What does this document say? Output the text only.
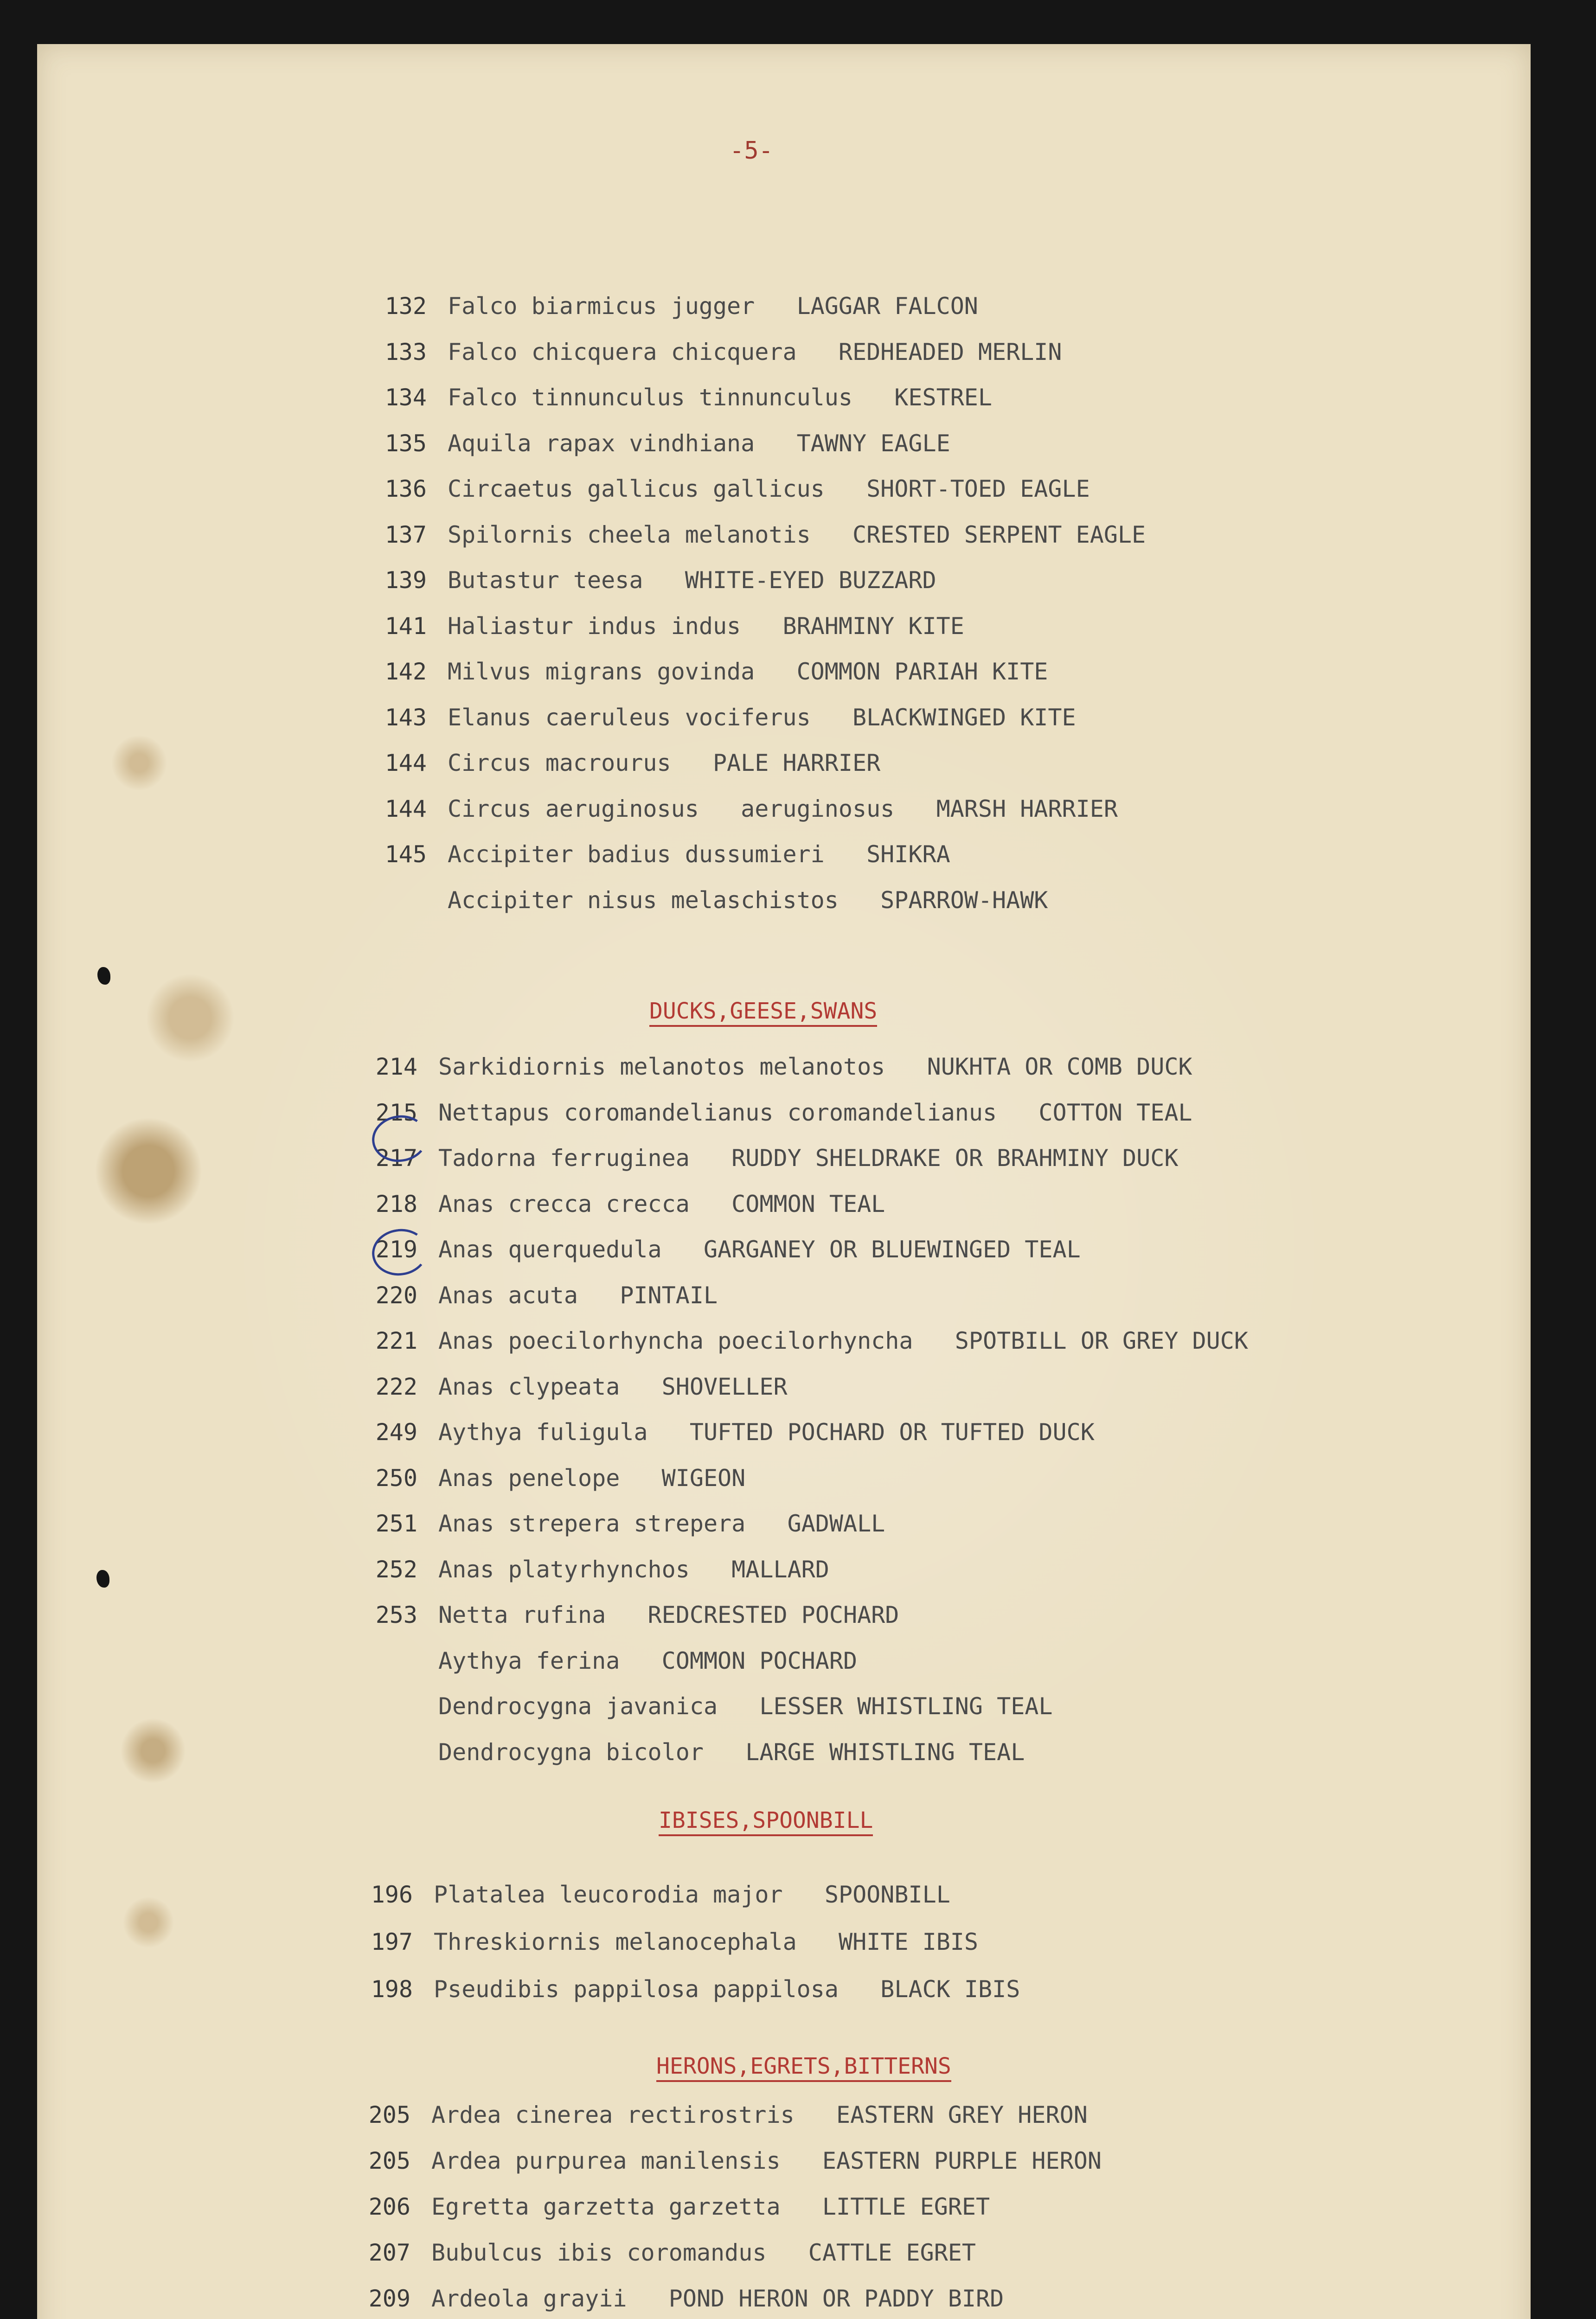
-5-
132 Falco biarmicus jugger   LAGGAR FALCON
133 Falco chicquera chicquera   REDHEADED MERLIN
134 Falco tinnunculus tinnunculus   KESTREL
135 Aquila rapax vindhiana   TAWNY EAGLE
136 Circaetus gallicus gallicus   SHORT-TOED EAGLE
137 Spilornis cheela melanotis   CRESTED SERPENT EAGLE
139 Butastur teesa   WHITE-EYED BUZZARD
141 Haliastur indus indus   BRAHMINY KITE
142 Milvus migrans govinda   COMMON PARIAH KITE
143 Elanus caeruleus vociferus   BLACKWINGED KITE
144 Circus macrourus   PALE HARRIER
144 Circus aeruginosus   aeruginosus   MARSH HARRIER
145 Accipiter badius dussumieri   SHIKRA
Accipiter nisus melaschistos   SPARROW-HAWK
DUCKS,GEESE,SWANS
214 Sarkidiornis melanotos melanotos   NUKHTA OR COMB DUCK
215 Nettapus coromandelianus coromandelianus   COTTON TEAL
217 Tadorna ferruginea   RUDDY SHELDRAKE OR BRAHMINY DUCK
218 Anas crecca crecca   COMMON TEAL
219 Anas querquedula   GARGANEY OR BLUEWINGED TEAL
220 Anas acuta   PINTAIL
221 Anas poecilorhyncha poecilorhyncha   SPOTBILL OR GREY DUCK
222 Anas clypeata   SHOVELLER
249 Aythya fuligula   TUFTED POCHARD OR TUFTED DUCK
250 Anas penelope   WIGEON
251 Anas strepera strepera   GADWALL
252 Anas platyrhynchos   MALLARD
253 Netta rufina   REDCRESTED POCHARD
Aythya ferina   COMMON POCHARD
Dendrocygna javanica   LESSER WHISTLING TEAL
Dendrocygna bicolor   LARGE WHISTLING TEAL
IBISES,SPOONBILL
196 Platalea leucorodia major   SPOONBILL
197 Threskiornis melanocephala   WHITE IBIS
198 Pseudibis pappilosa pappilosa   BLACK IBIS
HERONS,EGRETS,BITTERNS
205 Ardea cinerea rectirostris   EASTERN GREY HERON
205 Ardea purpurea manilensis   EASTERN PURPLE HERON
206 Egretta garzetta garzetta   LITTLE EGRET
207 Bubulcus ibis coromandus   CATTLE EGRET
209 Ardeola grayii   POND HERON OR PADDY BIRD
